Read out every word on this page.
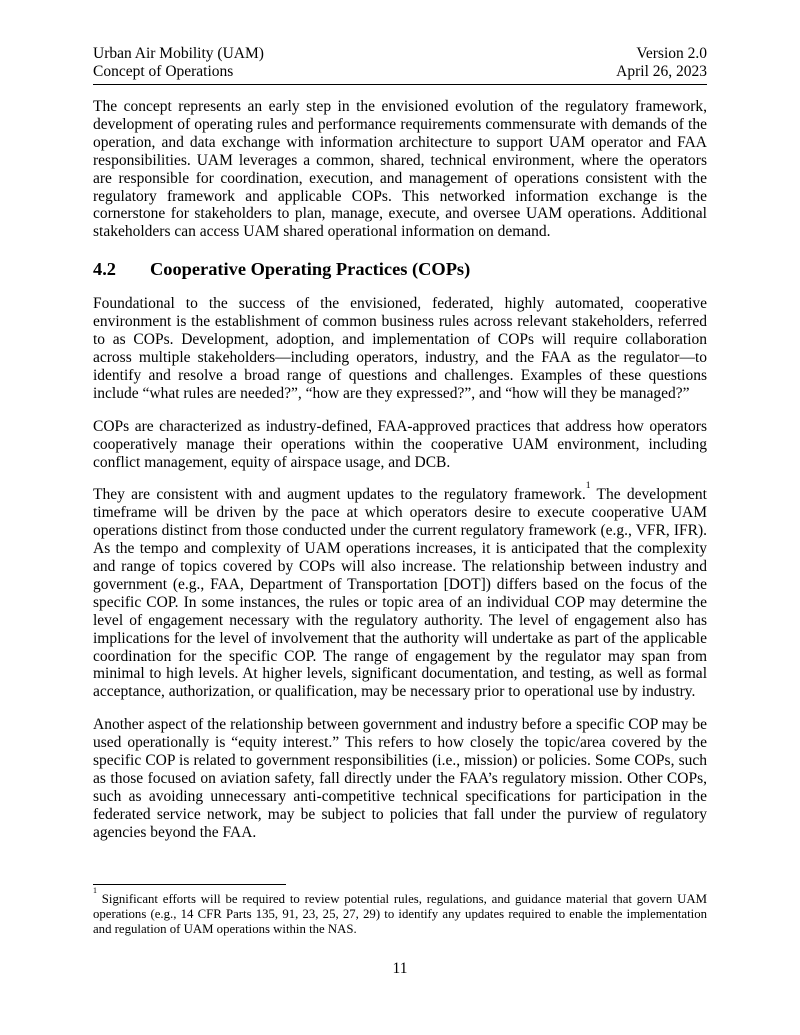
Urban Air Mobility (UAM)
Concept of Operations
Version 2.0
April 26, 2023

The concept represents an early step in the envisioned evolution of the regulatory framework, development of operating rules and performance requirements commensurate with demands of the operation, and data exchange with information architecture to support UAM operator and FAA responsibilities. UAM leverages a common, shared, technical environment, where the operators are responsible for coordination, execution, and management of operations consistent with the regulatory framework and applicable COPs. This networked information exchange is the cornerstone for stakeholders to plan, manage, execute, and oversee UAM operations. Additional stakeholders can access UAM shared operational information on demand.

4.2 Cooperative Operating Practices (COPs)

Foundational to the success of the envisioned, federated, highly automated, cooperative environment is the establishment of common business rules across relevant stakeholders, referred to as COPs. Development, adoption, and implementation of COPs will require collaboration across multiple stakeholders—including operators, industry, and the FAA as the regulator—to identify and resolve a broad range of questions and challenges. Examples of these questions include “what rules are needed?”, “how are they expressed?”, and “how will they be managed?”

COPs are characterized as industry-defined, FAA-approved practices that address how operators cooperatively manage their operations within the cooperative UAM environment, including conflict management, equity of airspace usage, and DCB.

They are consistent with and augment updates to the regulatory framework.$^1$ The development timeframe will be driven by the pace at which operators desire to execute cooperative UAM operations distinct from those conducted under the current regulatory framework (e.g., VFR, IFR). As the tempo and complexity of UAM operations increases, it is anticipated that the complexity and range of topics covered by COPs will also increase. The relationship between industry and government (e.g., FAA, Department of Transportation [DOT]) differs based on the focus of the specific COP. In some instances, the rules or topic area of an individual COP may determine the level of engagement necessary with the regulatory authority. The level of engagement also has implications for the level of involvement that the authority will undertake as part of the applicable coordination for the specific COP. The range of engagement by the regulator may span from minimal to high levels. At higher levels, significant documentation, and testing, as well as formal acceptance, authorization, or qualification, may be necessary prior to operational use by industry.

Another aspect of the relationship between government and industry before a specific COP may be used operationally is “equity interest.” This refers to how closely the topic/area covered by the specific COP is related to government responsibilities (i.e., mission) or policies. Some COPs, such as those focused on aviation safety, fall directly under the FAA’s regulatory mission. Other COPs, such as avoiding unnecessary anti-competitive technical specifications for participation in the federated service network, may be subject to policies that fall under the purview of regulatory agencies beyond the FAA.

$^1$ Significant efforts will be required to review potential rules, regulations, and guidance material that govern UAM operations (e.g., 14 CFR Parts 135, 91, 23, 25, 27, 29) to identify any updates required to enable the implementation and regulation of UAM operations within the NAS.

11
